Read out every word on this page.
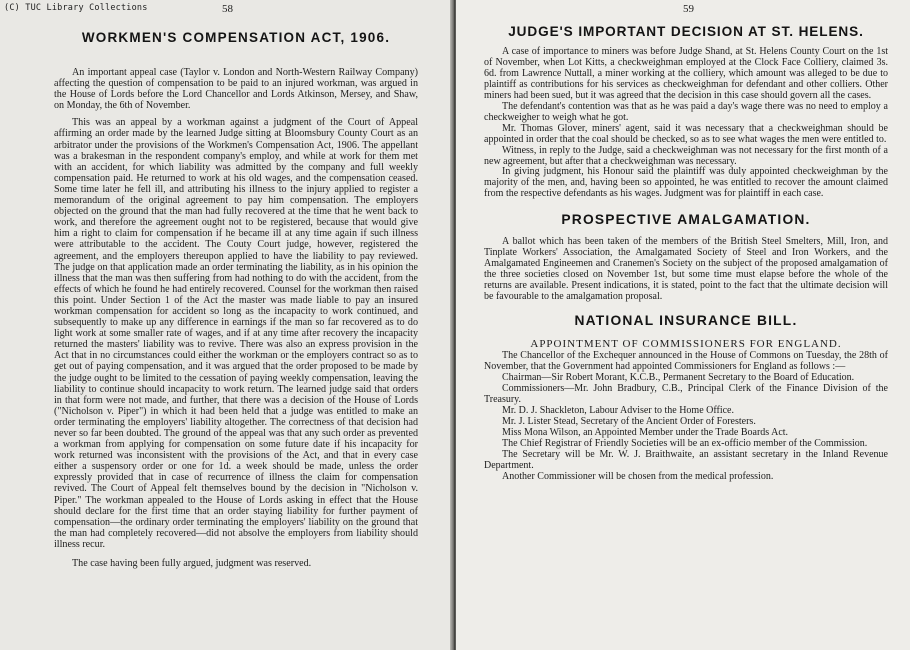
(C) TUC Library Collections	58
WORKMEN'S COMPENSATION ACT, 1906.

An important appeal case (Taylor v. London and North-Western Railway Company) affecting the question of compensation to be paid to an injured workman, was argued in the House of Lords before the Lord Chancellor and Lords Atkinson, Mersey, and Shaw, on Monday, the 6th of November.

This was an appeal by a workman against a judgment of the Court of Appeal affirming an order made by the learned Judge sitting at Bloomsbury County Court as an arbitrator under the provisions of the Workmen's Compensation Act, 1906. The appellant was a brakesman in the respondent company's employ, and while at work for them met with an accident, for which liability was admitted by the company and full weekly compensation paid. He returned to work at his old wages, and the compensation ceased. Some time later he fell ill, and attributing his illness to the injury applied to register a memorandum of the original agreement to pay him compensation. The employers objected on the ground that the man had fully recovered at the time that he went back to work, and therefore the agreement ought not to be registered, because that would give him a right to claim for compensation if he became ill at any time again if such illness were attributable to the accident. The Couty Court judge, however, registered the agreement, and the employers thereupon applied to have the liability to pay reviewed. The judge on that application made an order terminating the liability, as in his opinion the illness that the man was then suffering from had nothing to do with the accident, from the effects of which he found he had entirely recovered. Counsel for the workman then raised this point. Under Section 1 of the Act the master was made liable to pay an insured workman compensation for accident so long as the incapacity to work continued, and subsequently to make up any difference in earnings if the man so far recovered as to do light work at some smaller rate of wages, and if at any time after recovery the incapacity returned the masters' liability was to revive. There was also an express provision in the Act that in no circumstances could either the workman or the employers contract so as to get out of paying compensation, and it was argued that the order proposed to be made by the judge ought to be limited to the cessation of paying weekly compensation, leaving the liability to continue should incapacity to work return. The learned judge said that orders in that form were not made, and further, that there was a decision of the House of Lords ("Nicholson v. Piper") in which it had been held that a judge was entitled to make an order terminating the employers' liability altogether. The correctness of that decision had never so far been doubted. The ground of the appeal was that any such order as prevented a workman from applying for compensation on some future date if his incapacity for work returned was inconsistent with the provisions of the Act, and that in every case either a suspensory order or one for 1d. a week should be made, unless the order expressly provided that in case of recurrence of illness the claim for compensation revived. The Court of Appeal felt themselves bound by the decision in "Nicholson v. Piper." The workman appealed to the House of Lords asking in effect that the House should declare for the first time that an order staying liability for further payment of compensation—the ordinary order terminating the employers' liability on the ground that the man had completely recovered—did not absolve the employers from liability should illness recur.

The case having been fully argued, judgment was reserved.

59
JUDGE'S IMPORTANT DECISION AT ST. HELENS.

A case of importance to miners was before Judge Shand, at St. Helens County Court on the 1st of November, when Lot Kitts, a checkweighman employed at the Clock Face Colliery, claimed 3s. 6d. from Lawrence Nuttall, a miner working at the colliery, which amount was alleged to be due to plaintiff as contributions for his services as checkweighman for defendant and other colliers. Other miners had been sued, but it was agreed that the decision in this case should govern all the cases.

The defendant's contention was that as he was paid a day's wage there was no need to employ a checkweigher to weigh what he got.

Mr. Thomas Glover, miners' agent, said it was necessary that a checkweighman should be appointed in order that the coal should be checked, so as to see what wages the men were entitled to.

Witness, in reply to the Judge, said a checkweighman was not necessary for the first month of a new agreement, but after that a checkweighman was necessary.

In giving judgment, his Honour said the plaintiff was duly appointed checkweighman by the majority of the men, and, having been so appointed, he was entitled to recover the amount claimed from the respective defendants as his wages. Judgment was for plaintiff in each case.

PROSPECTIVE AMALGAMATION.

A ballot which has been taken of the members of the British Steel Smelters, Mill, Iron, and Tinplate Workers' Association, the Amalgamated Society of Steel and Iron Workers, and the Amalgamated Engineemen and Cranemen's Society on the subject of the proposed amalgamation of the three societies closed on November 1st, but some time must elapse before the whole of the returns are available. Present indications, it is stated, point to the fact that the ultimate decision will be favourable to the amalgamation proposal.

NATIONAL INSURANCE BILL.
APPOINTMENT OF COMMISSIONERS FOR ENGLAND.

The Chancellor of the Exchequer announced in the House of Commons on Tuesday, the 28th of November, that the Government had appointed Commissioners for England as follows :—

Chairman—Sir Robert Morant, K.C.B., Permanent Secretary to the Board of Education.

Commissioners—Mr. John Bradbury, C.B., Principal Clerk of the Finance Division of the Treasury.

Mr. D. J. Shackleton, Labour Adviser to the Home Office.

Mr. J. Lister Stead, Secretary of the Ancient Order of Foresters.

Miss Mona Wilson, an Appointed Member under the Trade Boards Act.

The Chief Registrar of Friendly Societies will be an ex-officio member of the Commission.

The Secretary will be Mr. W. J. Braithwaite, an assistant secretary in the Inland Revenue Department.

Another Commissioner will be chosen from the medical profession.
